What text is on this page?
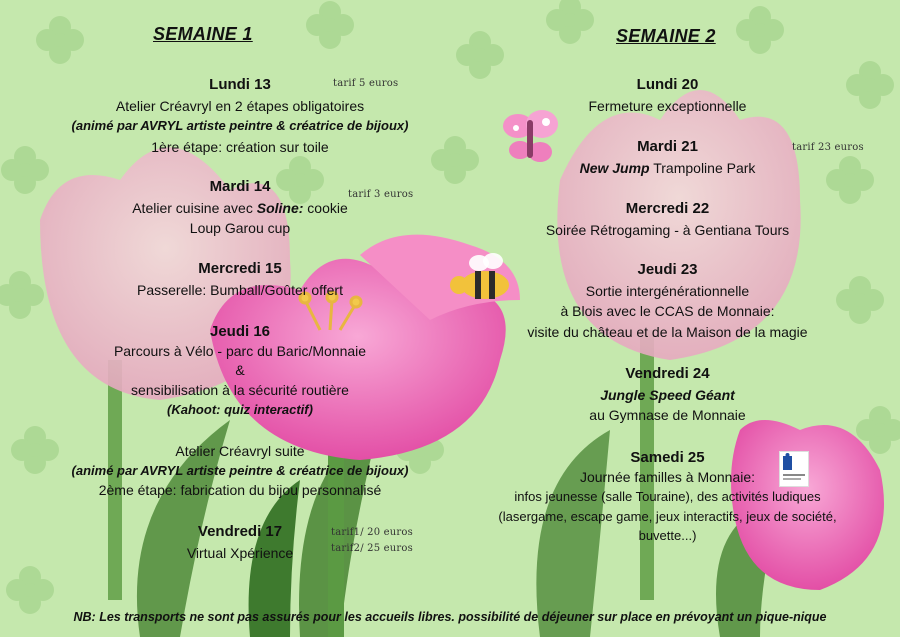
SEMAINE 1
tarif 5 euros
Lundi 13
Atelier Créavryl en 2 étapes obligatoires
(animé par AVRYL artiste peintre & créatrice de bijoux)
1ère étape: création sur toile
tarif 3 euros
Mardi 14
Atelier cuisine avec Soline: cookie
Loup Garou cup
Mercredi 15
Passerelle: Bumball/Goûter offert
Jeudi 16
Parcours à Vélo - parc du Baric/Monnaie
&
sensibilisation à la sécurité routière
(Kahoot: quiz interactif)
Atelier Créavryl suite
(animé par AVRYL artiste peintre & créatrice de bijoux)
2ème étape: fabrication du bijou personnalisé
tarif1/ 20 euros
tarif2/ 25 euros
Vendredi 17
Virtual Xpérience
SEMAINE 2
Lundi 20
Fermeture exceptionnelle
tarif 23 euros
Mardi 21
New Jump Trampoline Park
Mercredi 22
Soirée Rétrogaming - à Gentiana Tours
Jeudi 23
Sortie intergénérationnelle
à Blois avec le CCAS de Monnaie:
visite du château et de la Maison de la magie
Vendredi 24
Jungle Speed Géant
au Gymnase de Monnaie
Samedi 25
Journée familles à Monnaie:
infos jeunesse (salle Touraine), des activités ludiques
(lasergame, escape game, jeux interactifs, jeux de société,
buvette...)
NB: Les transports ne sont pas assurés pour les accueils libres. possibilité de déjeuner sur place en prévoyant un pique-nique
